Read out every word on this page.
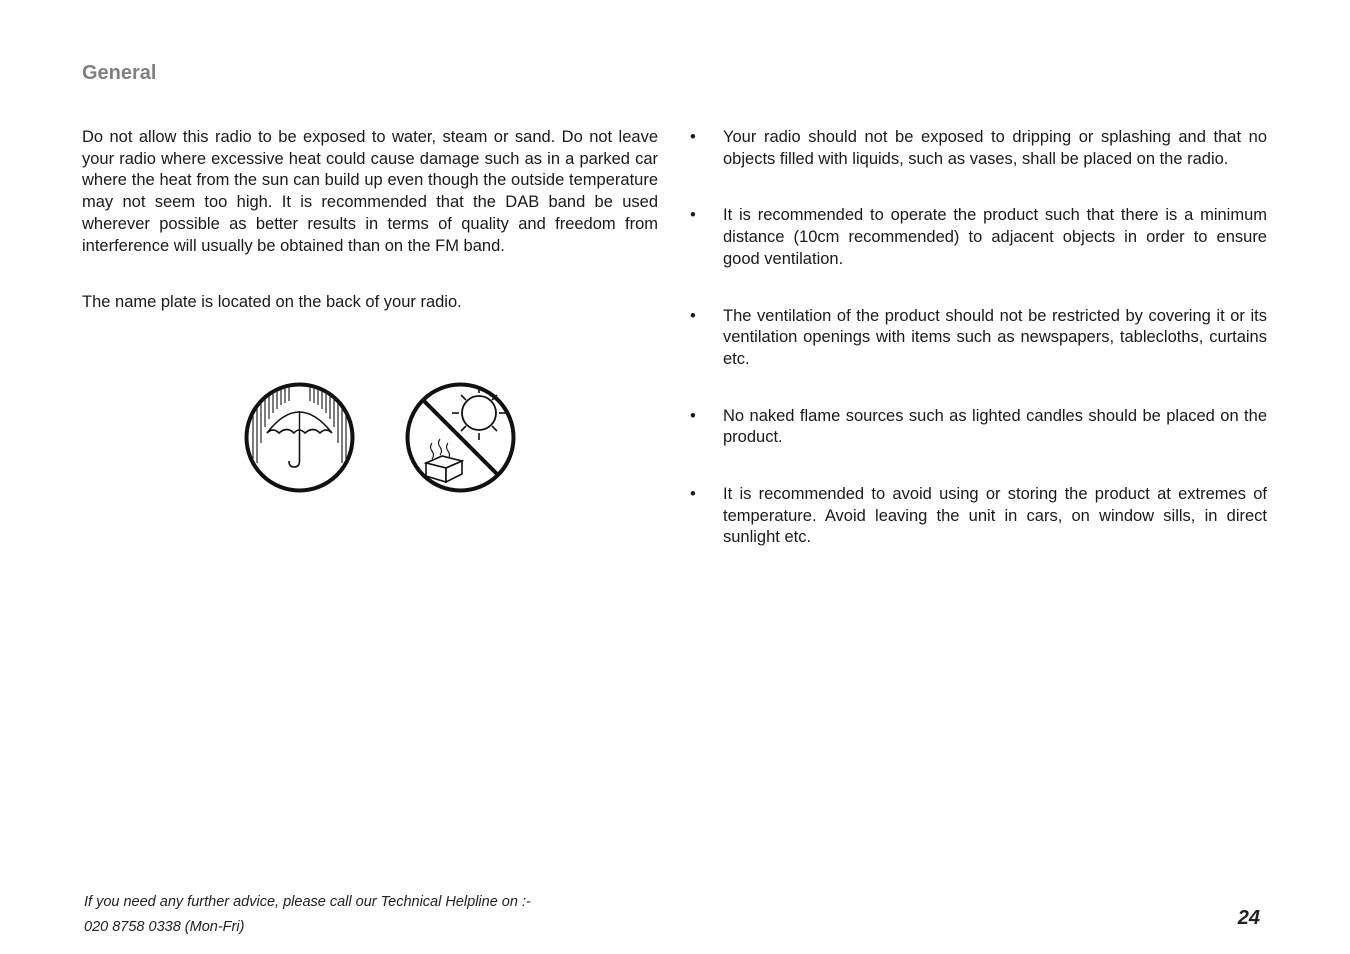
General

Do not allow this radio to be exposed to water, steam or sand. Do not leave your radio where excessive heat could cause damage such as in a parked car where the heat from the sun can build up even though the outside temperature may not seem too high. It is recommended that the DAB band be used wherever possible as better results in terms of quality and freedom from interference will usually be obtained than on the FM band.

The name plate is located on the back of your radio.

• Your radio should not be exposed to dripping or splashing and that no objects filled with liquids, such as vases, shall be placed on the radio.
• It is recommended to operate the product such that there is a minimum distance (10cm recommended) to adjacent objects in order to ensure good ventilation.
• The ventilation of the product should not be restricted by covering it or its ventilation openings with items such as newspapers, tablecloths, curtains etc.
• No naked flame sources such as lighted candles should be placed on the product.
• It is recommended to avoid using or storing the product at extremes of temperature. Avoid leaving the unit in cars, on window sills, in direct sunlight etc.
If you need any further advice, please call our Technical Helpline on :-
020 8758 0338 (Mon-Fri)	24
